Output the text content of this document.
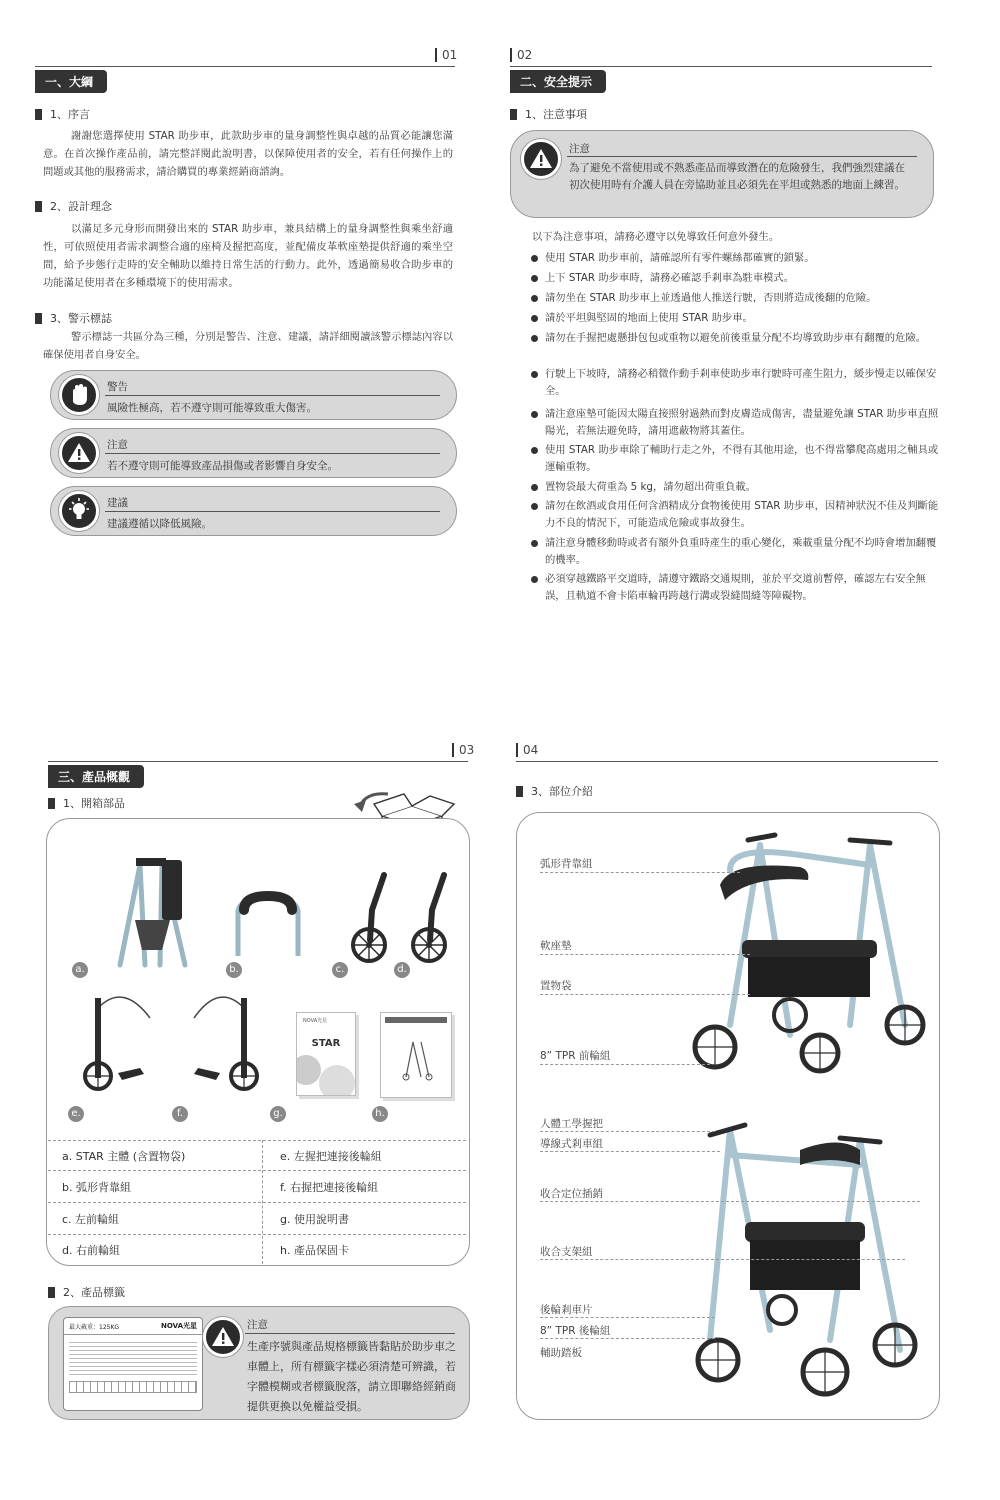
01
一、大綱
1、序言
謝謝您選擇使用 STAR 助步車，此款助步車的量身調整性與卓越的品質必能讓您滿意。在首次操作產品前，請完整詳閱此說明書，以保障使用者的安全，若有任何操作上的問題或其他的服務需求，請洽購買的專業經銷商諮詢。
2、設計理念
以滿足多元身形而開發出來的 STAR 助步車，兼具結構上的量身調整性與乘坐舒適性，可依照使用者需求調整合適的座椅及握把高度，並配備皮革軟座墊提供舒適的乘坐空間，給予步態行走時的安全輔助以維持日常生活的行動力。此外，透過簡易收合助步車的功能滿足使用者在多種環境下的使用需求。
3、警示標誌
警示標誌一共區分為三種，分別是警告、注意、建議，請詳細閱讀該警示標誌內容以確保使用者自身安全。
警告
風險性極高，若不遵守則可能導致重大傷害。
注意
若不遵守則可能導致產品損傷或者影響自身安全。
建議
建議遵循以降低風險。
02
二、安全提示
1、注意事項
注意
為了避免不當使用或不熟悉產品而導致潛在的危險發生，我們強烈建議在初次使用時有介護人員在旁協助並且必須先在平坦或熟悉的地面上練習。
以下為注意事項，請務必遵守以免導致任何意外發生。
使用 STAR 助步車前，請確認所有零件螺絲都確實的鎖緊。
上下 STAR 助步車時，請務必確認手剎車為駐車模式。
請勿坐在 STAR 助步車上並透過他人推送行駛，否則將造成後翻的危險。
請於平坦與堅固的地面上使用 STAR 助步車。
請勿在手握把處懸掛包包或重物以避免前後重量分配不均導致助步車有翻覆的危險。
行駛上下坡時，請務必稍微作動手剎車使助步車行駛時可產生阻力，緩步慢走以確保安全。
請注意座墊可能因太陽直接照射過熱而對皮膚造成傷害，盡量避免讓 STAR 助步車直照陽光，若無法避免時，請用遮蔽物將其蓋住。
使用 STAR 助步車除了輔助行走之外，不得有其他用途，也不得當攀爬高處用之輔具或運輸重物。
置物袋最大荷重為 5 kg，請勿超出荷重負載。
請勿在飲酒或食用任何含酒精成分食物後使用 STAR 助步車，因精神狀況不佳及判斷能力不良的情況下，可能造成危險或事故發生。
請注意身體移動時或者有額外負重時產生的重心變化，乘載重量分配不均時會增加翻覆的機率。
必須穿越鐵路平交道時，請遵守鐵路交通規則，並於平交道前暫停，確認左右安全無誤，且軌道不會卡陷車輪再跨越行溝或裂縫間縫等障礙物。
03
三、產品概觀
1、開箱部品
a.	b.	c.	d.
e.	f.
NOVA光星
STAR
g.	h.
a. STAR 主體 (含置物袋)	e. 左握把連接後輪組
b. 弧形背靠組	f. 右握把連接後輪組
c. 左前輪組	g. 使用說明書
d. 右前輪組	h. 產品保固卡
2、產品標籤
最大載重：125KG	NOVA光星	注意
生產序號與產品規格標籤皆黏貼於助步車之車體上，所有標籤字樣必須清楚可辨識，若字體模糊或者標籤脫落，請立即聯絡經銷商提供更換以免權益受損。
04
3、部位介紹
弧形背靠組
軟座墊
置物袋
8” TPR 前輪組
人體工學握把
導線式剎車組
收合定位插銷
收合支架組
後輪剎車片
8” TPR 後輪組
輔助踏板
